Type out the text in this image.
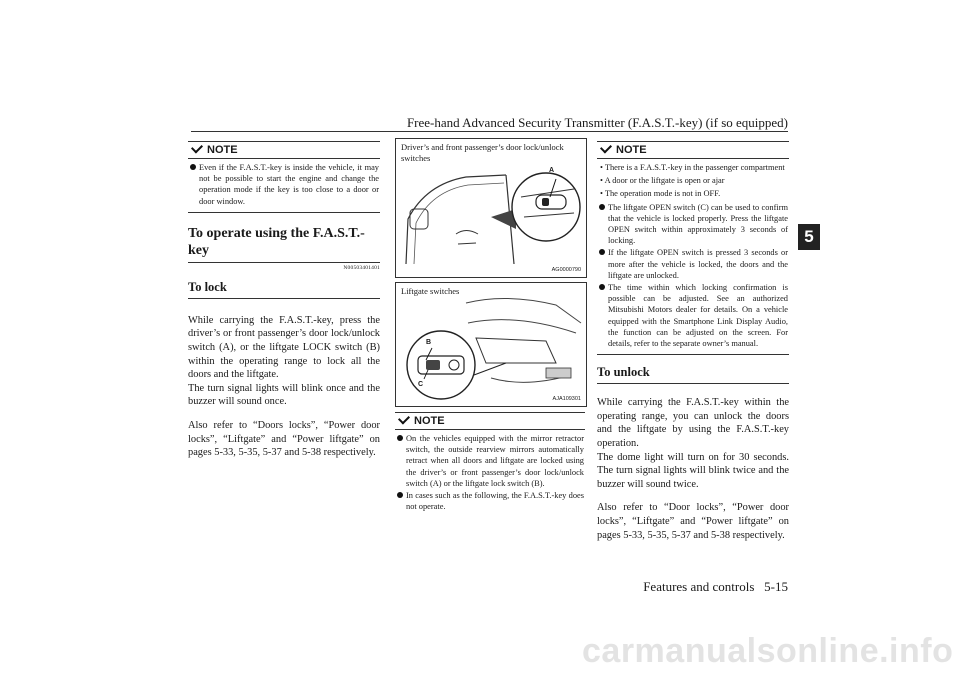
Free-hand Advanced Security Transmitter (F.A.S.T.-key) (if so equipped)
5
NOTE
Even if the F.A.S.T.-key is inside the vehicle, it may not be possible to start the engine and change the operation mode if the key is too close to a door or door window.
To operate using the F.A.S.T.-key
N00503401401
To lock
While carrying the F.A.S.T.-key, press the driver’s or front passenger’s door lock/unlock switch (A), or the liftgate LOCK switch (B) within the operating range to lock all the doors and the liftgate.
The turn signal lights will blink once and the buzzer will sound once.
Also refer to “Doors locks”, “Power door locks”, “Liftgate” and “Power liftgate” on pages 5-33, 5-35, 5-37 and 5-38 respectively.
Driver’s and front passenger’s door lock/unlock switches
A
AG0000790
Liftgate switches
B
C
AJA109301
NOTE
On the vehicles equipped with the mirror retractor switch, the outside rearview mirrors automatically retract when all doors and liftgate are locked using the driver’s or front passenger’s door lock/unlock switch (A) or the liftgate lock switch (B).
In cases such as the following, the F.A.S.T.-key does not operate.
NOTE
• There is a F.A.S.T.-key in the passenger compartment
• A door or the liftgate is open or ajar
• The operation mode is not in OFF.
The liftgate OPEN switch (C) can be used to confirm that the vehicle is locked properly. Press the liftgate OPEN switch within approximately 3 seconds of locking.
If the liftgate OPEN switch is pressed 3 seconds or more after the vehicle is locked, the doors and the liftgate are unlocked.
The time within which locking confirmation is possible can be adjusted. See an authorized Mitsubishi Motors dealer for details. On a vehicle equipped with the Smartphone Link Display Audio, the function can be adjusted on the screen. For details, refer to the separate owner’s manual.
To unlock
While carrying the F.A.S.T.-key within the operating range, you can unlock the doors and the liftgate by using the F.A.S.T.-key operation.
The dome light will turn on for 30 seconds. The turn signal lights will blink twice and the buzzer will sound twice.
Also refer to “Door locks”, “Power door locks”, “Liftgate” and “Power liftgate” on pages 5-33, 5-35, 5-37 and 5-38 respectively.
Features and controls 5-15
carmanualsonline.info
